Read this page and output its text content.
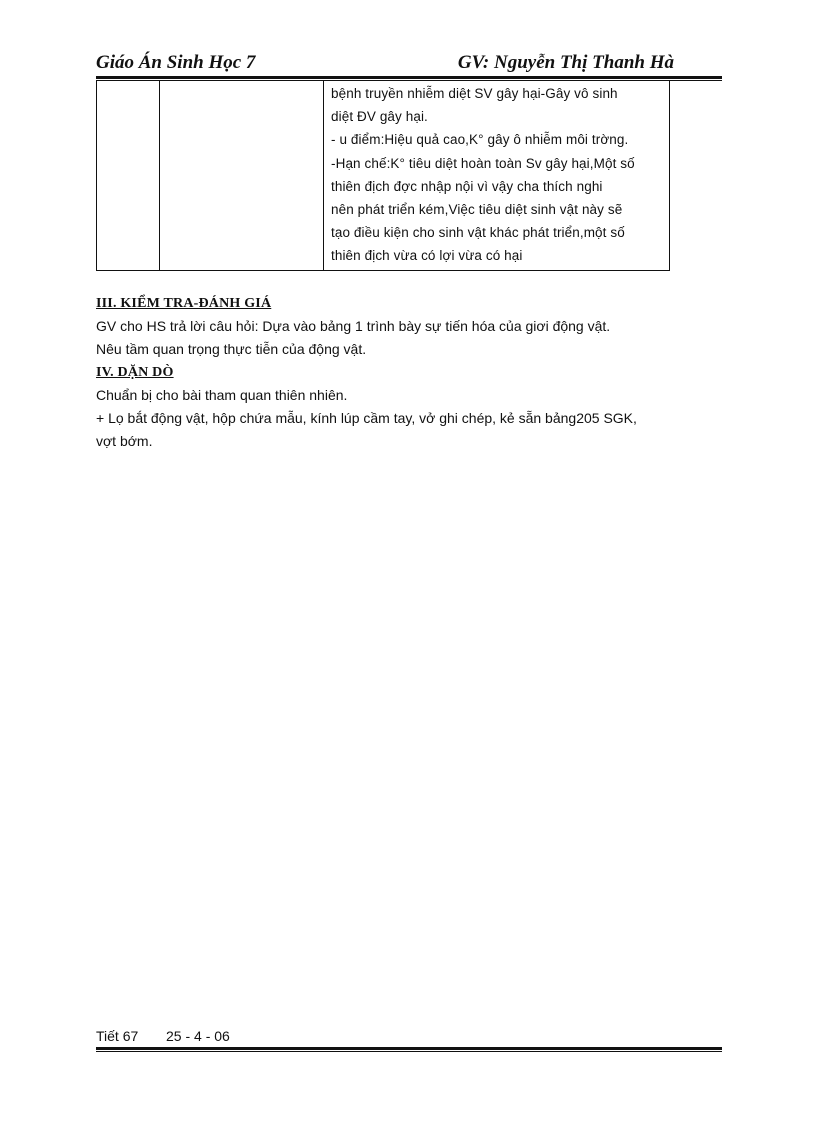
Giáo Án Sinh Học 7	GV: Nguyễn Thị Thanh Hà
bệnh truyền nhiễm diệt SV gây hại-Gây vô sinh
diệt ĐV gây hại.
- u điểm:Hiệu quả cao,K° gây ô nhiễm môi trờng.
-Hạn chế:K° tiêu diệt hoàn toàn Sv gây hại,Một số
thiên địch đợc nhập nội vì vậy cha thích nghi
nên phát triển kém,Việc tiêu diệt sinh vật này sẽ
tạo điều kiện cho sinh vật khác phát triển,một số
thiên địch vừa có lợi vừa có hại
III. KIỂM TRA-ĐÁNH GIÁ
GV cho HS trả lời câu hỏi: Dựa vào bảng 1 trình bày sự tiến hóa của giơi động vật.
Nêu tầm quan trọng thực tiễn của động vật.
IV. DẶN DÒ
Chuẩn bị cho bài tham quan thiên nhiên.
+ Lọ bắt động vật, hộp chứa mẫu, kính lúp cầm tay, vở ghi chép, kẻ sẵn bảng205 SGK,
vợt bớm.
Tiết 67 25 - 4 - 06
